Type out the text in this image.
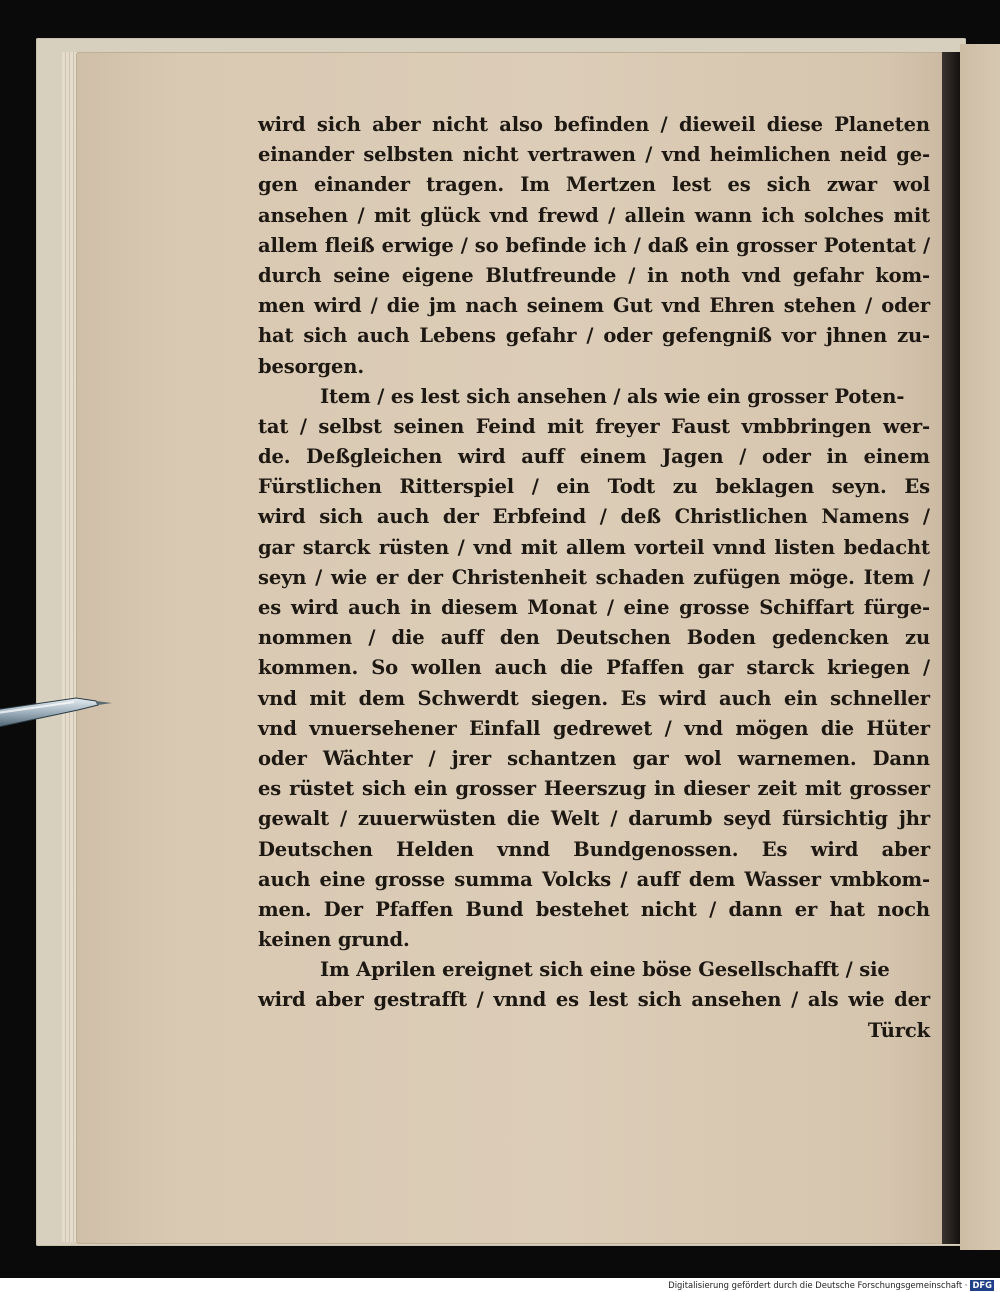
wird sich aber nicht also befinden / dieweil diese Planeten
einander selbsten nicht vertrawen / vnd heimlichen neid ge-
gen einander tragen. Im Mertzen lest es sich zwar wol
ansehen / mit glück vnd frewd / allein wann ich solches mit
allem fleiß erwige / so befinde ich / daß ein grosser Potentat /
durch seine eigene Blutfreunde / in noth vnd gefahr kom-
men wird / die jm nach seinem Gut vnd Ehren stehen / oder
hat sich auch Lebens gefahr / oder gefengniß vor jhnen zu-
besorgen.
Item / es lest sich ansehen / als wie ein grosser Poten-
tat / selbst seinen Feind mit freyer Faust vmbbringen wer-
de. Deßgleichen wird auff einem Jagen / oder in einem
Fürstlichen Ritterspiel / ein Todt zu beklagen seyn. Es
wird sich auch der Erbfeind / deß Christlichen Namens /
gar starck rüsten / vnd mit allem vorteil vnnd listen bedacht
seyn / wie er der Christenheit schaden zufügen möge. Item /
es wird auch in diesem Monat / eine grosse Schiffart fürge-
nommen / die auff den Deutschen Boden gedencken zu
kommen. So wollen auch die Pfaffen gar starck kriegen /
vnd mit dem Schwerdt siegen. Es wird auch ein schneller
vnd vnuersehener Einfall gedrewet / vnd mögen die Hüter
oder Wächter / jrer schantzen gar wol warnemen. Dann
es rüstet sich ein grosser Heerszug in dieser zeit mit grosser
gewalt / zuuerwüsten die Welt / darumb seyd fürsichtig jhr
Deutschen Helden vnnd Bundgenossen. Es wird aber
auch eine grosse summa Volcks / auff dem Wasser vmbkom-
men. Der Pfaffen Bund bestehet nicht / dann er hat noch
keinen grund.
Im Aprilen ereignet sich eine böse Gesellschafft / sie
wird aber gestrafft / vnnd es lest sich ansehen / als wie der
Türck
Digitalisierung gefördert durch die Deutsche Forschungsgemeinschaft · DFG
